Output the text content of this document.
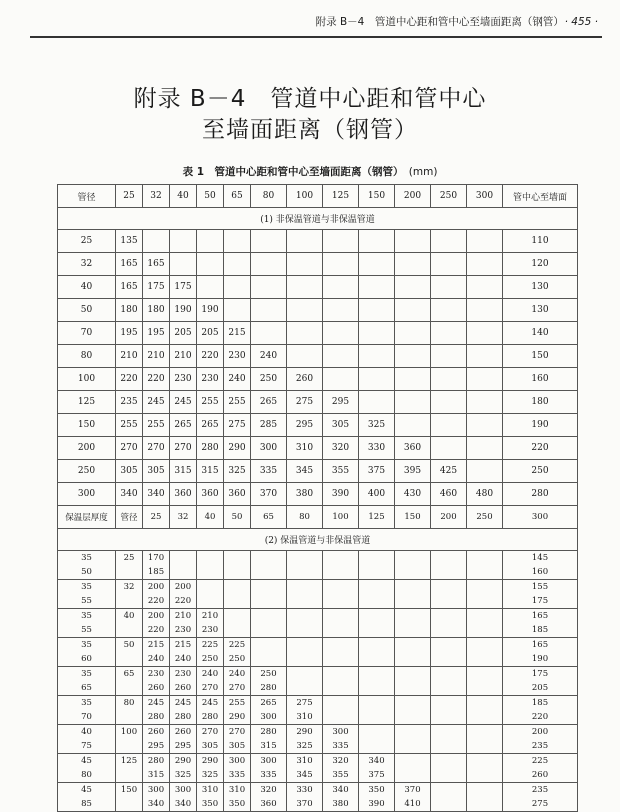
附录 B－4　管道中心距和管中心至墙面距离（钢管） · 455 ·
附录 B－4　管道中心距和管中心
至墙面距离（钢管）
表 1　管道中心距和管中心至墙面距离（钢管）　 (mm)
管径	25	32	40	50	65	80	100	125	150	200	250	300	管中心至墙面	
(1) 非保温管道与非保温管道														
25	135												110	
32	165	165											120	
40	165	175	175										130	
50	180	180	190	190									130	
70	195	195	205	205	215								140	
80	210	210	210	220	230	240							150	
100	220	220	230	230	240	250	260						160	
125	235	245	245	255	255	265	275	295					180	
150	255	255	265	265	275	285	295	305	325				190	
200	270	270	270	280	290	300	310	320	330	360			220	
250	305	305	315	315	325	335	345	355	375	395	425		250	
300	340	340	360	360	360	370	380	390	400	430	460	480	280	
保温层厚度	管径	25	32	40	50	65	80	100	125	150	200	250	300	
(2) 保温管道与非保温管道														
35	25	170											145	
50		185											160	
35	32	200	200										155	
55		220	220										175	
35	40	200	210	210									165	
55		220	230	230									185	
35	50	215	215	225	225								165	
60		240	240	250	250								190	
35	65	230	230	240	240	250							175	
65		260	260	270	270	280							205	
35	80	245	245	245	255	265	275						185	
70		280	280	280	290	300	310						220	
40	100	260	260	270	270	280	290	300					200	
75		295	295	305	305	315	325	335					235	
45	125	280	290	290	300	300	310	320	340				225	
80		315	325	325	335	335	345	355	375				260	
45	150	300	300	310	310	320	330	340	350	370			235	
85		340	340	350	350	360	370	380	390	410			275	
